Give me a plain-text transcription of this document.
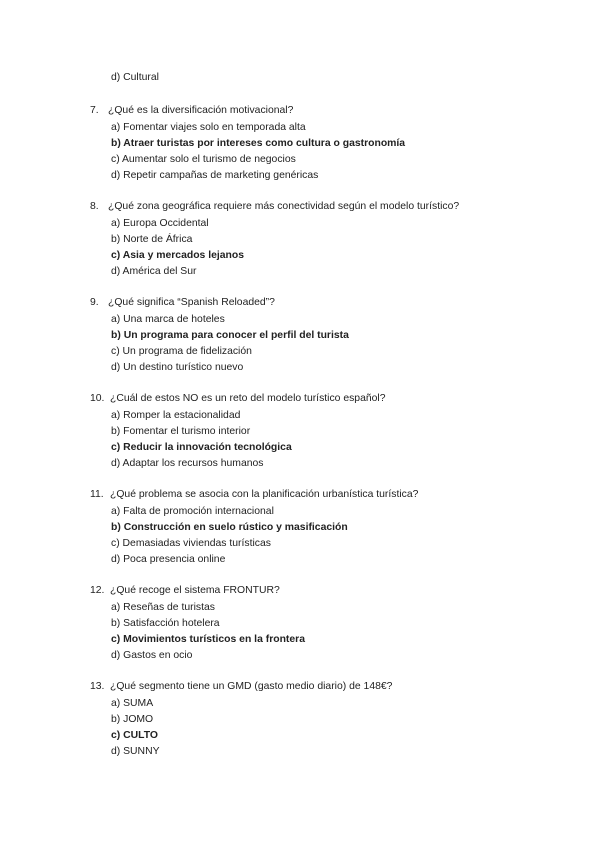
d) Cultural
7. ¿Qué es la diversificación motivacional?
a) Fomentar viajes solo en temporada alta
b) Atraer turistas por intereses como cultura o gastronomía
c) Aumentar solo el turismo de negocios
d) Repetir campañas de marketing genéricas
8. ¿Qué zona geográfica requiere más conectividad según el modelo turístico?
a) Europa Occidental
b) Norte de África
c) Asia y mercados lejanos
d) América del Sur
9. ¿Qué significa “Spanish Reloaded”?
a) Una marca de hoteles
b) Un programa para conocer el perfil del turista
c) Un programa de fidelización
d) Un destino turístico nuevo
10. ¿Cuál de estos NO es un reto del modelo turístico español?
a) Romper la estacionalidad
b) Fomentar el turismo interior
c) Reducir la innovación tecnológica
d) Adaptar los recursos humanos
11. ¿Qué problema se asocia con la planificación urbanística turística?
a) Falta de promoción internacional
b) Construcción en suelo rústico y masificación
c) Demasiadas viviendas turísticas
d) Poca presencia online
12. ¿Qué recoge el sistema FRONTUR?
a) Reseñas de turistas
b) Satisfacción hotelera
c) Movimientos turísticos en la frontera
d) Gastos en ocio
13. ¿Qué segmento tiene un GMD (gasto medio diario) de 148€?
a) SUMA
b) JOMO
c) CULTO
d) SUNNY
